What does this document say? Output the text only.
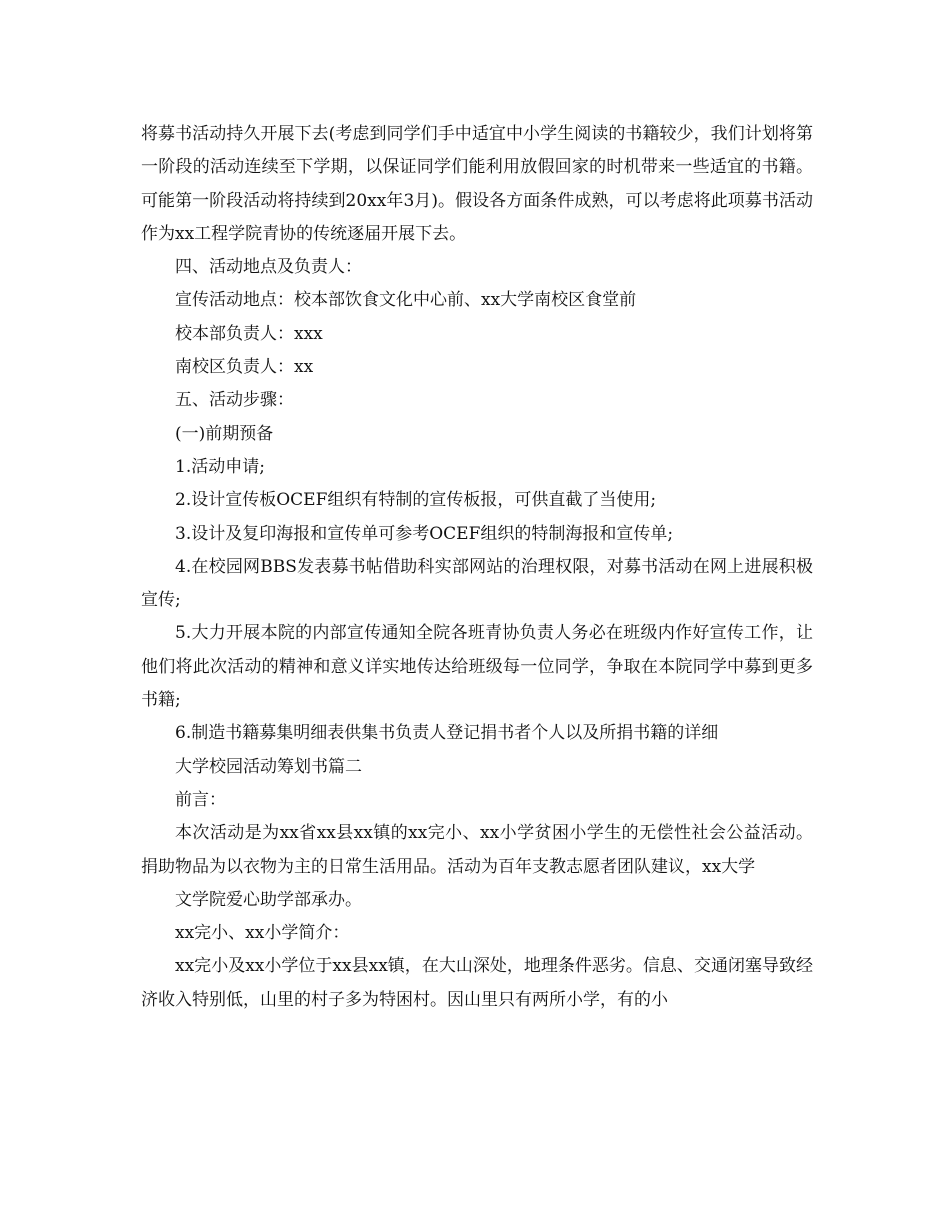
将募书活动持久开展下去(考虑到同学们手中适宜中小学生阅读的书籍较少，我们计划将第一阶段的活动连续至下学期，以保证同学们能利用放假回家的时机带来一些适宜的书籍。可能第一阶段活动将持续到20xx年3月)。假设各方面条件成熟，可以考虑将此项募书活动作为xx工程学院青协的传统逐届开展下去。

四、活动地点及负责人：

宣传活动地点：校本部饮食文化中心前、xx大学南校区食堂前

校本部负责人：xxx

南校区负责人：xx

五、活动步骤：

(一)前期预备

1.活动申请;

2.设计宣传板OCEF组织有特制的宣传板报，可供直截了当使用;

3.设计及复印海报和宣传单可参考OCEF组织的特制海报和宣传单;

4.在校园网BBS发表募书帖借助科实部网站的治理权限，对募书活动在网上进展积极宣传;

5.大力开展本院的内部宣传通知全院各班青协负责人务必在班级内作好宣传工作，让他们将此次活动的精神和意义详实地传达给班级每一位同学，争取在本院同学中募到更多书籍;

6.制造书籍募集明细表供集书负责人登记捐书者个人以及所捐书籍的详细

大学校园活动筹划书篇二

前言：

本次活动是为xx省xx县xx镇的xx完小、xx小学贫困小学生的无偿性社会公益活动。捐助物品为以衣物为主的日常生活用品。活动为百年支教志愿者团队建议，xx大学

文学院爱心助学部承办。

xx完小、xx小学简介：

xx完小及xx小学位于xx县xx镇，在大山深处，地理条件恶劣。信息、交通闭塞导致经济收入特别低，山里的村子多为特困村。因山里只有两所小学，有的小
